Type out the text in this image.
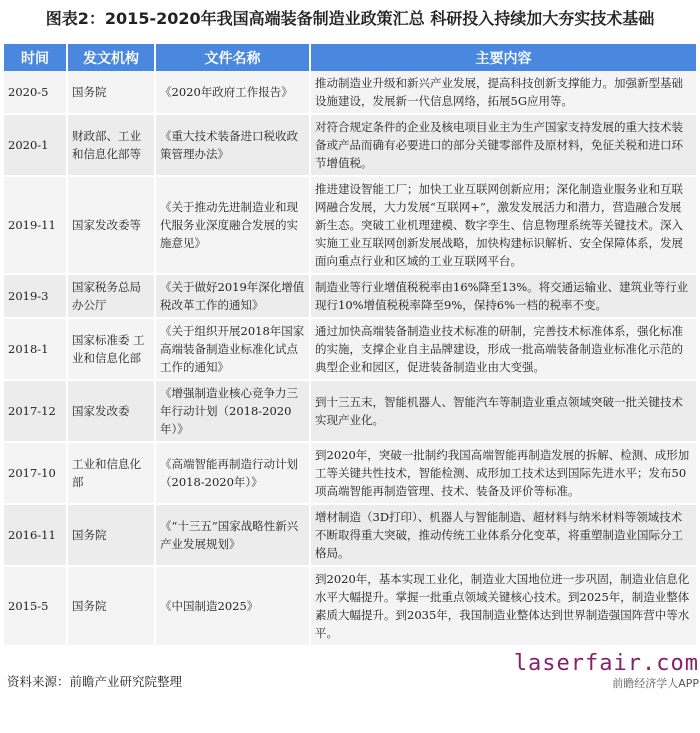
图表2：2015-2020年我国高端装备制造业政策汇总 科研投入持续加大夯实技术基础
时间	发文机构	文件名称	主要内容
2020-5	国务院	《2020年政府工作报告》	推动制造业升级和新兴产业发展，提高科技创新支撑能力。加强新型基础设施建设，发展新一代信息网络，拓展5G应用等。
2020-1	财政部、工业和信息化部等	《重大技术装备进口税收政策管理办法》	对符合规定条件的企业及核电项目业主为生产国家支持发展的重大技术装备或产品而确有必要进口的部分关键零部件及原材料，免征关税和进口环节增值税。
2019-11	国家发改委等	《关于推动先进制造业和现代服务业深度融合发展的实施意见》	推进建设智能工厂；加快工业互联网创新应用；深化制造业服务业和互联网融合发展，大力发展“互联网+”，激发发展活力和潜力，营造融合发展新生态。突破工业机理建模、数字孪生、信息物理系统等关键技术。深入实施工业互联网创新发展战略，加快构建标识解析、安全保障体系，发展面向重点行业和区域的工业互联网平台。
2019-3	国家税务总局办公厅	《关于做好2019年深化增值税改革工作的通知》	制造业等行业增值税税率由16%降至13%。将交通运输业、建筑业等行业现行10%增值税税率降至9%，保持6%一档的税率不变。
2018-1	国家标准委 工业和信息化部	《关于组织开展2018年国家高端装备制造业标准化试点工作的通知》	通过加快高端装备制造业技术标准的研制，完善技术标准体系，强化标准的实施，支撑企业自主品牌建设，形成一批高端装备制造业标准化示范的典型企业和园区，促进装备制造业由大变强。
2017-12	国家发改委	《增强制造业核心竞争力三年行动计划（2018-2020年）》	到十三五末，智能机器人、智能汽车等制造业重点领域突破一批关键技术实现产业化。
2017-10	工业和信息化部	《高端智能再制造行动计划（2018-2020年）》	到2020年，突破一批制约我国高端智能再制造发展的拆解、检测、成形加工等关键共性技术，智能检测、成形加工技术达到国际先进水平；发布50项高端智能再制造管理、技术、装备及评价等标准。
2016-11	国务院	《“十三五”国家战略性新兴产业发展规划》	增材制造（3D打印）、机器人与智能制造、超材料与纳米材料等领域技术不断取得重大突破，推动传统工业体系分化变革，将重塑制造业国际分工格局。
2015-5	国务院	《中国制造2025》	到2020年，基本实现工业化，制造业大国地位进一步巩固，制造业信息化水平大幅提升。掌握一批重点领域关键核心技术。到2025年，制造业整体素质大幅提升。到2035年，我国制造业整体达到世界制造强国阵营中等水平。
资料来源：前瞻产业研究院整理
laserfair.com
前瞻经济学人APP
